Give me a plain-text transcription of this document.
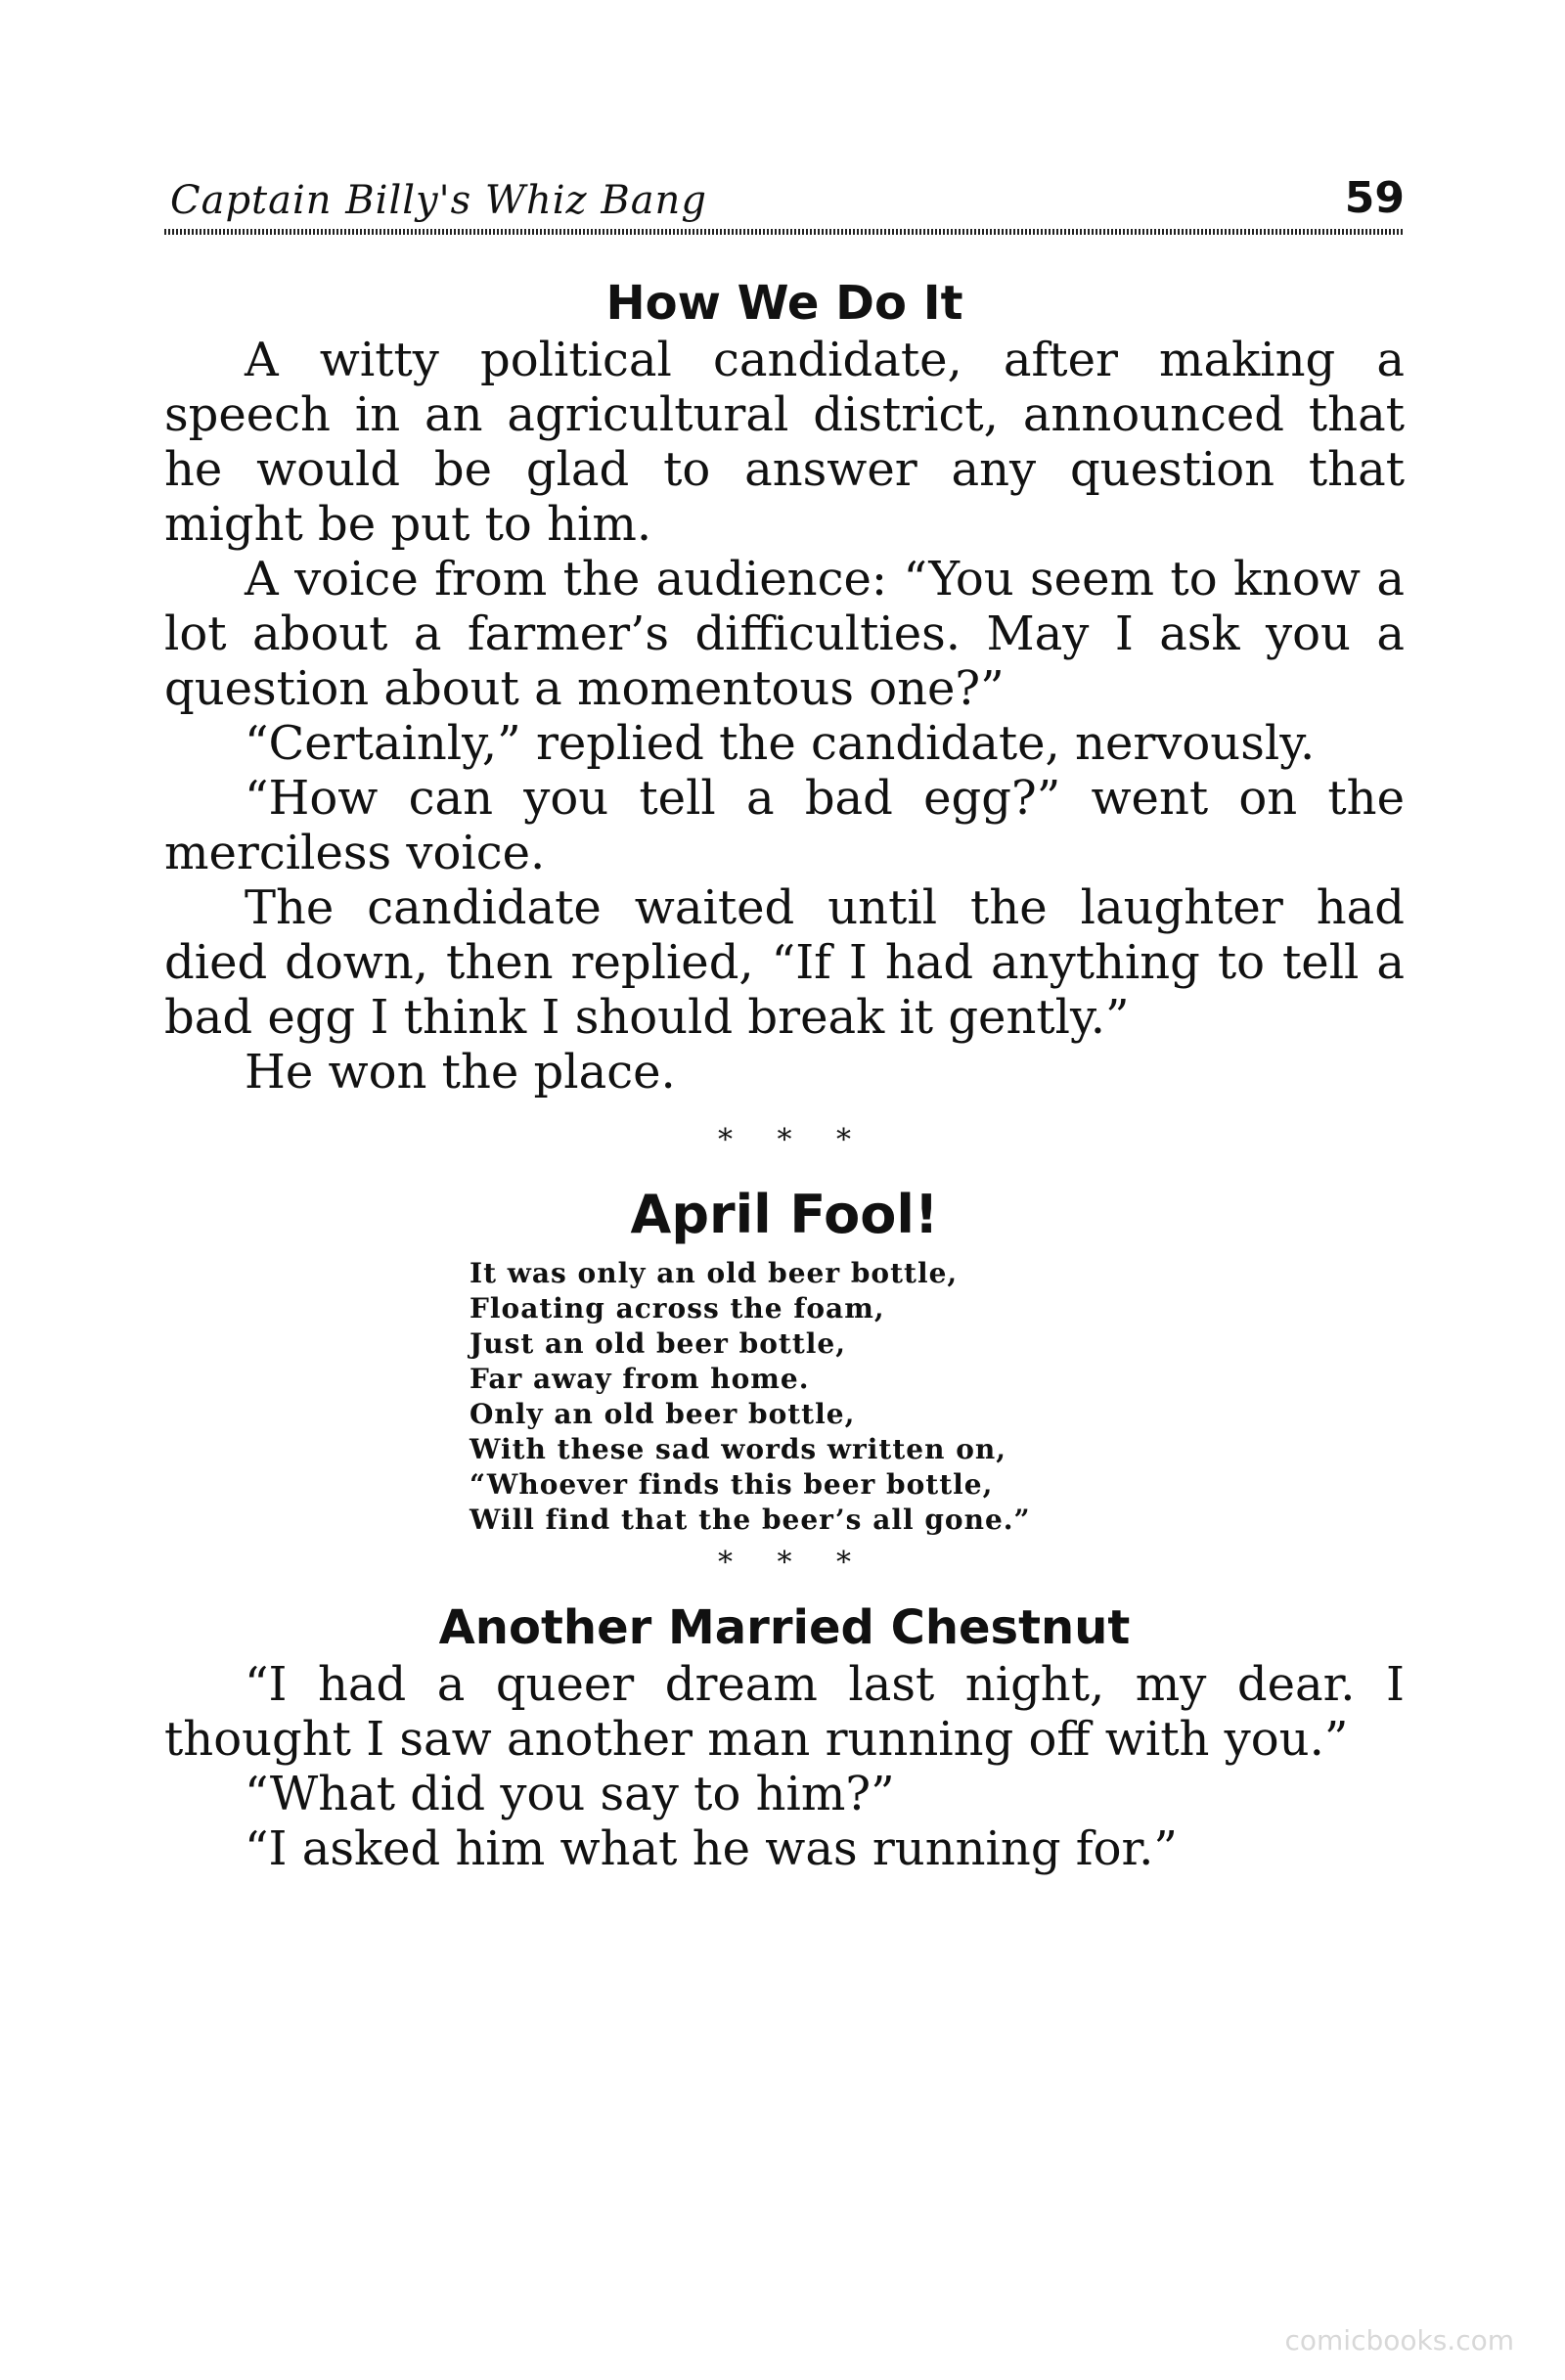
Captain Billy's Whiz Bang	59
How We Do It

A witty political candidate, after making a speech in an agricultural district, announced that he would be glad to answer any question that might be put to him.

A voice from the audience: “You seem to know a lot about a farmer’s difficulties. May I ask you a question about a momentous one?”

“Certainly,” replied the candidate, nervously.

“How can you tell a bad egg?” went on the merciless voice.

The candidate waited until the laughter had died down, then replied, “If I had anything to tell a bad egg I think I should break it gently.”

He won the place.

* * *
April Fool!
It was only an old beer bottle,
Floating across the foam,
Just an old beer bottle,
Far away from home.
Only an old beer bottle,
With these sad words written on,
“Whoever finds this beer bottle,
Will find that the beer’s all gone.”
* * *
Another Married Chestnut

“I had a queer dream last night, my dear. I thought I saw another man running off with you.”

“What did you say to him?”

“I asked him what he was running for.”

comicbooks.com
